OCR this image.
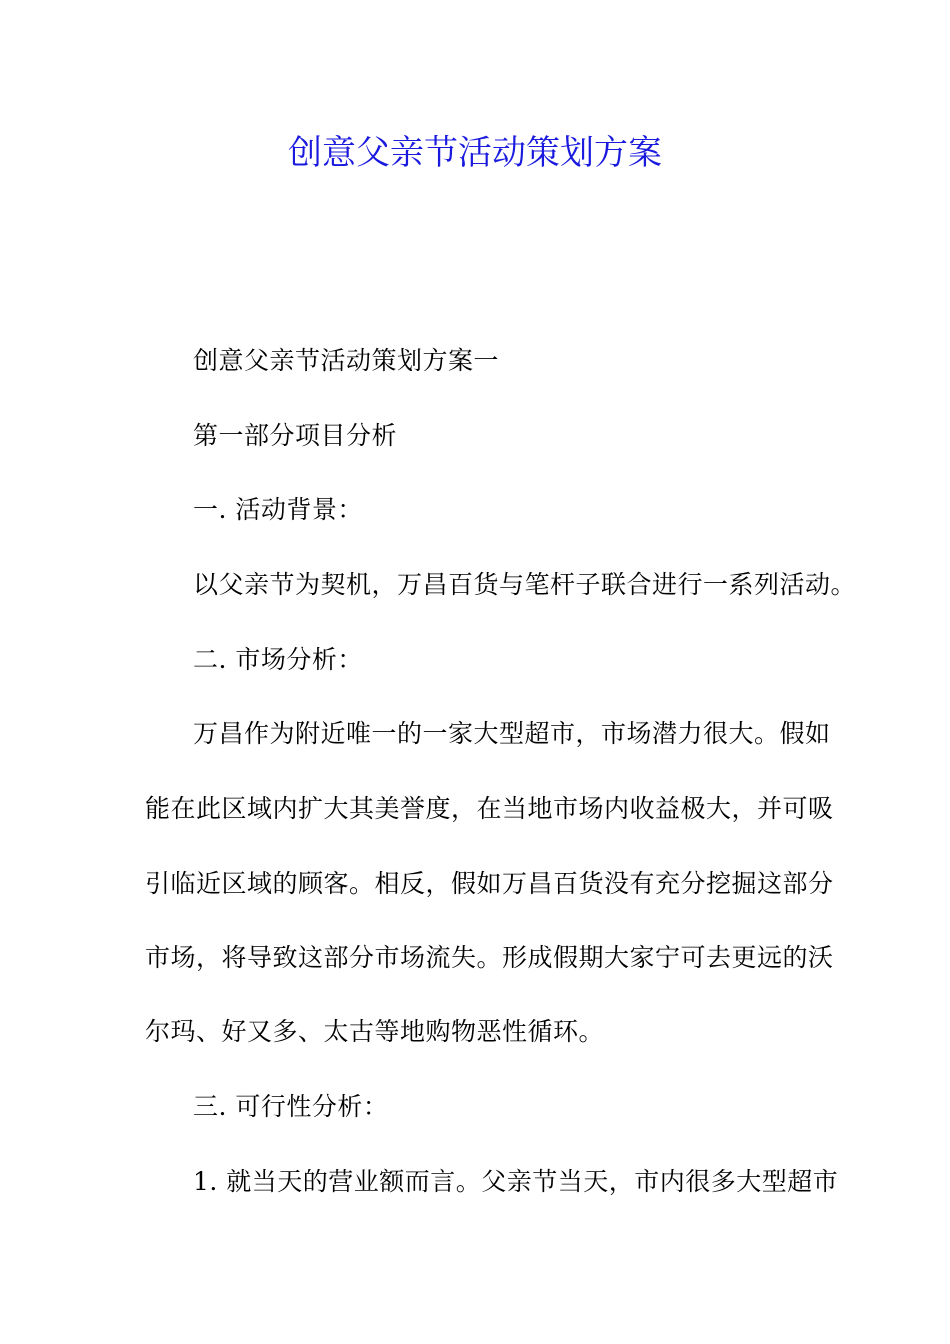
创意父亲节活动策划方案
创意父亲节活动策划方案一
第一部分项目分析
一. 活动背景：
以父亲节为契机，万昌百货与笔杆子联合进行一系列活动。
二. 市场分析：
万昌作为附近唯一的一家大型超市，市场潜力很大。假如
能在此区域内扩大其美誉度，在当地市场内收益极大，并可吸
引临近区域的顾客。相反，假如万昌百货没有充分挖掘这部分
市场，将导致这部分市场流失。形成假期大家宁可去更远的沃
尔玛、好又多、太古等地购物恶性循环。
三. 可行性分析：
1. 就当天的营业额而言。父亲节当天，市内很多大型超市
